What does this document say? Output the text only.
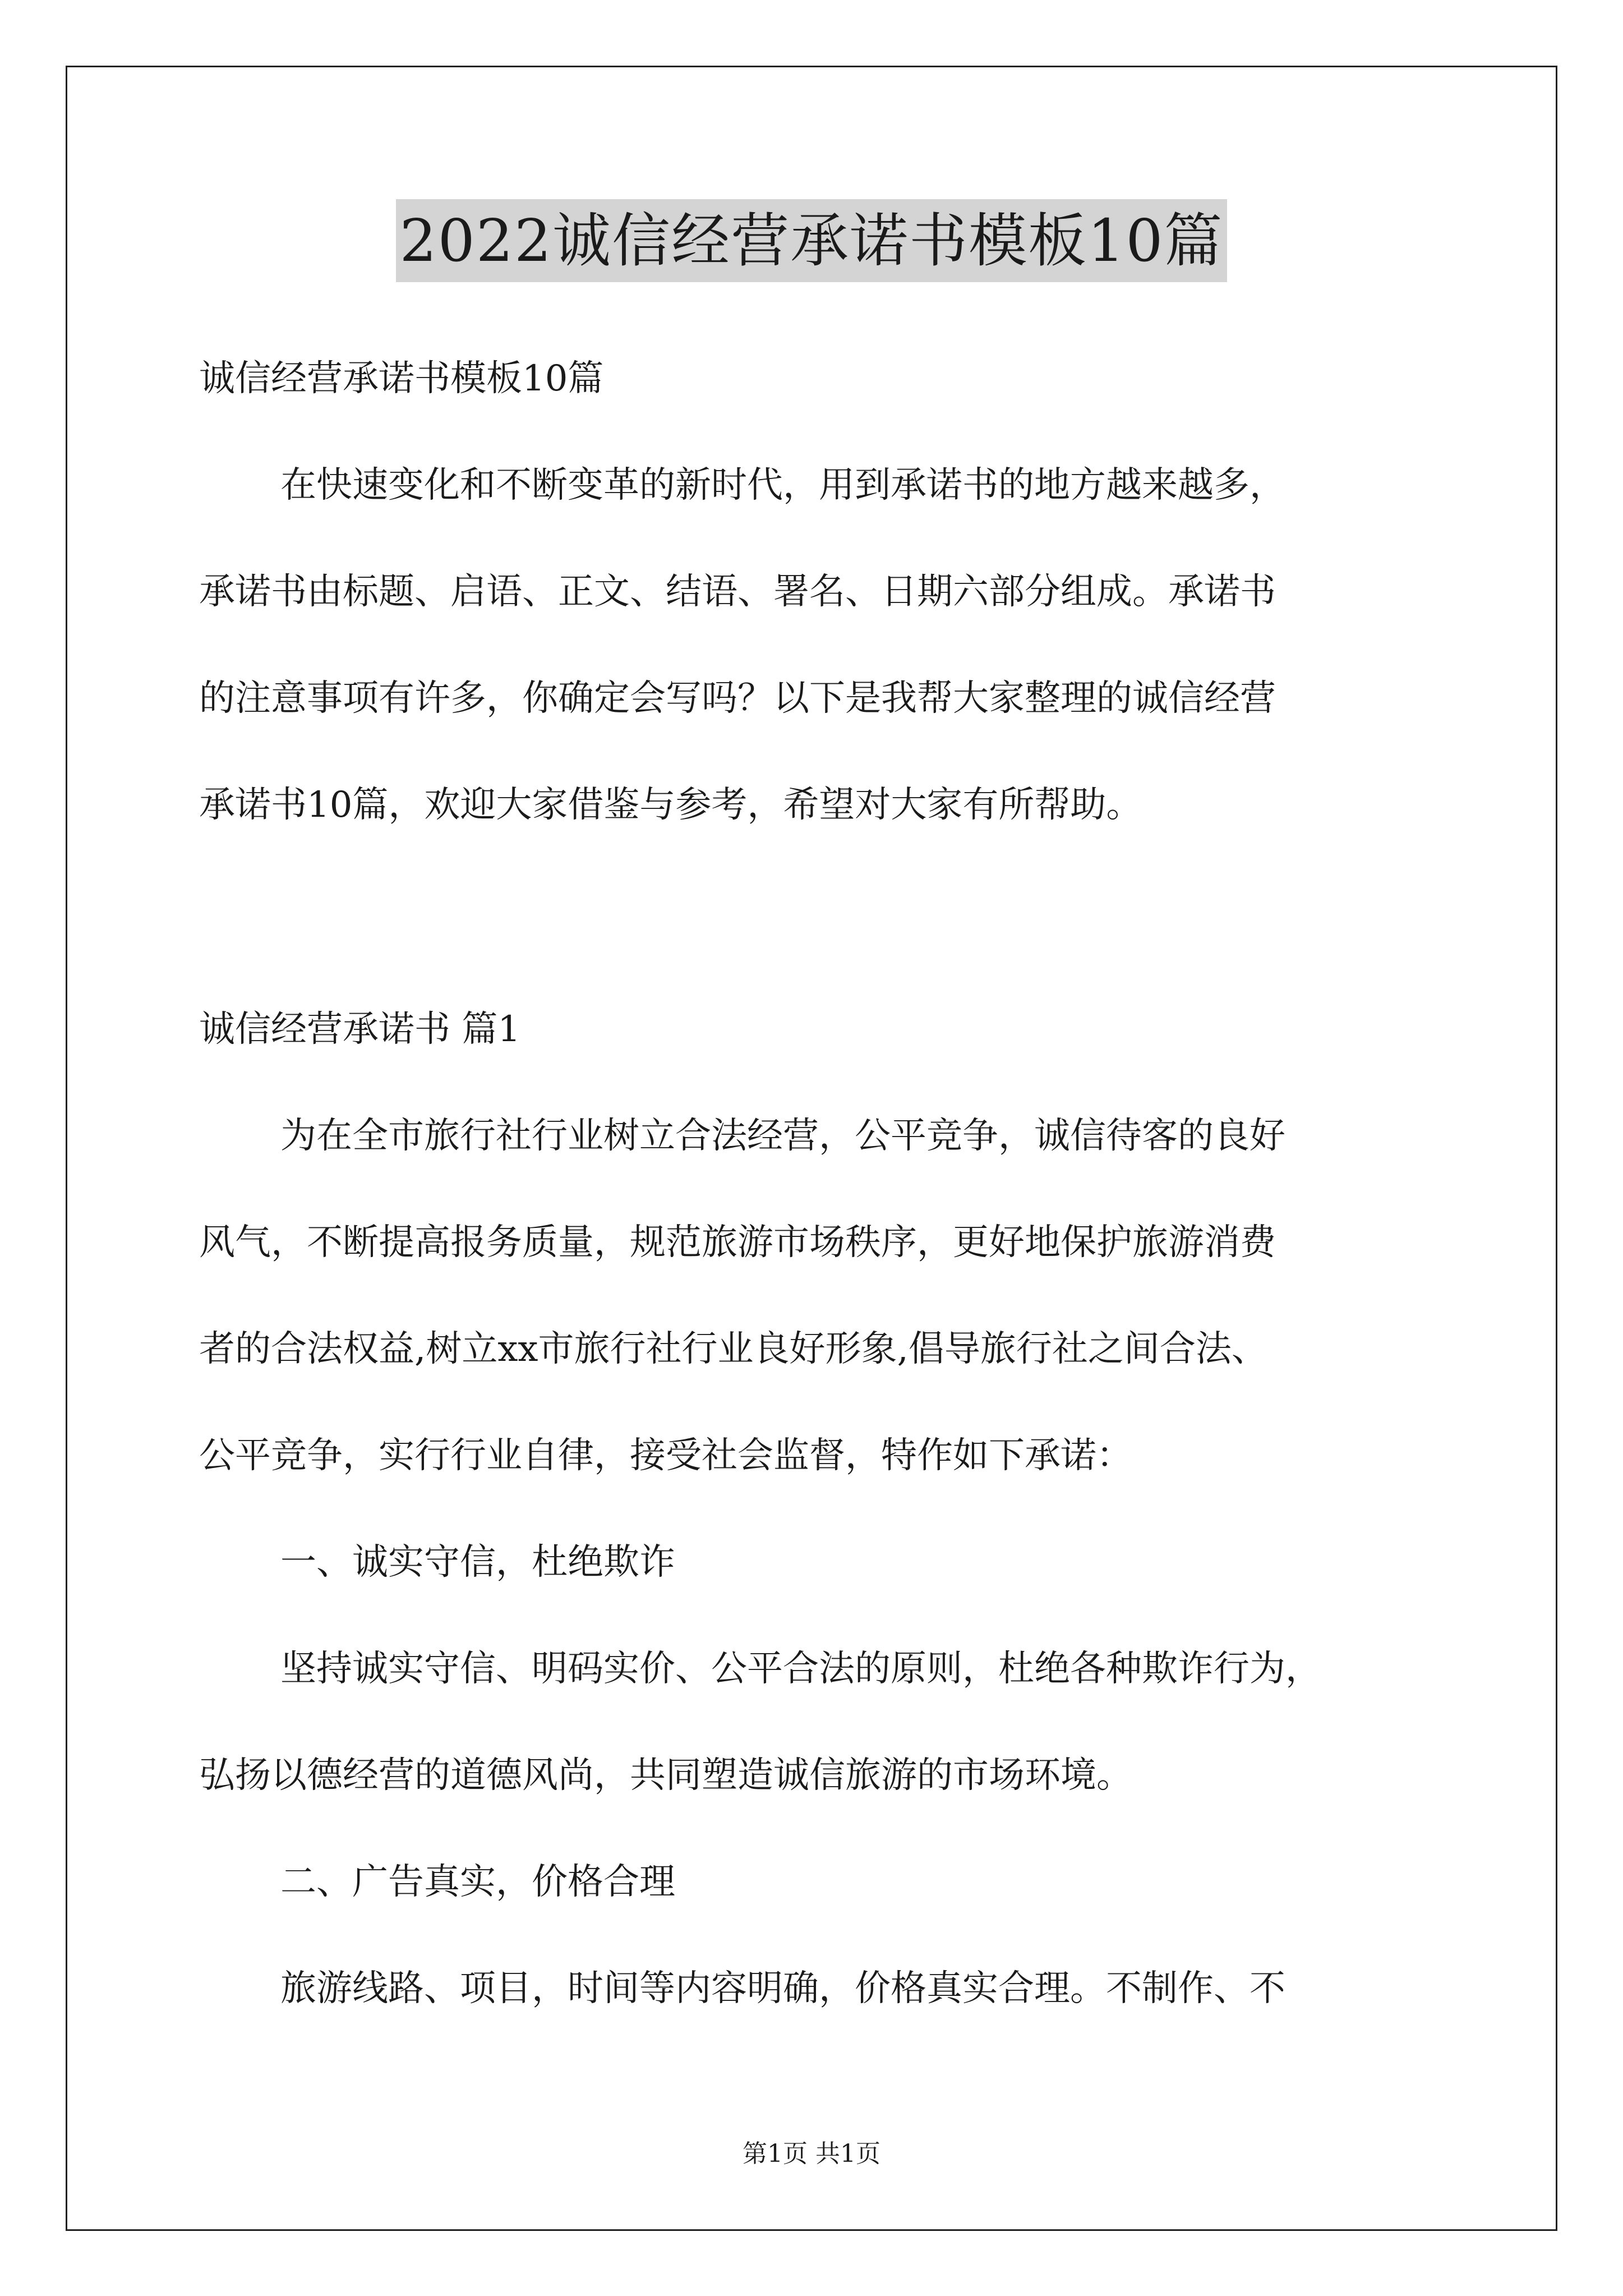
2022诚信经营承诺书模板10篇

诚信经营承诺书模板10篇

在快速变化和不断变革的新时代，用到承诺书的地方越来越多，

承诺书由标题、启语、正文、结语、署名、日期六部分组成。承诺书

的注意事项有许多，你确定会写吗？以下是我帮大家整理的诚信经营

承诺书10篇，欢迎大家借鉴与参考，希望对大家有所帮助。

诚信经营承诺书 篇1

为在全市旅行社行业树立合法经营，公平竞争，诚信待客的良好

风气，不断提高报务质量，规范旅游市场秩序，更好地保护旅游消费

者的合法权益,树立xx市旅行社行业良好形象,倡导旅行社之间合法、

公平竞争，实行行业自律，接受社会监督，特作如下承诺：

一、诚实守信，杜绝欺诈

坚持诚实守信、明码实价、公平合法的原则，杜绝各种欺诈行为，

弘扬以德经营的道德风尚，共同塑造诚信旅游的市场环境。

二、广告真实，价格合理

旅游线路、项目，时间等内容明确，价格真实合理。不制作、不

第1页 共1页
